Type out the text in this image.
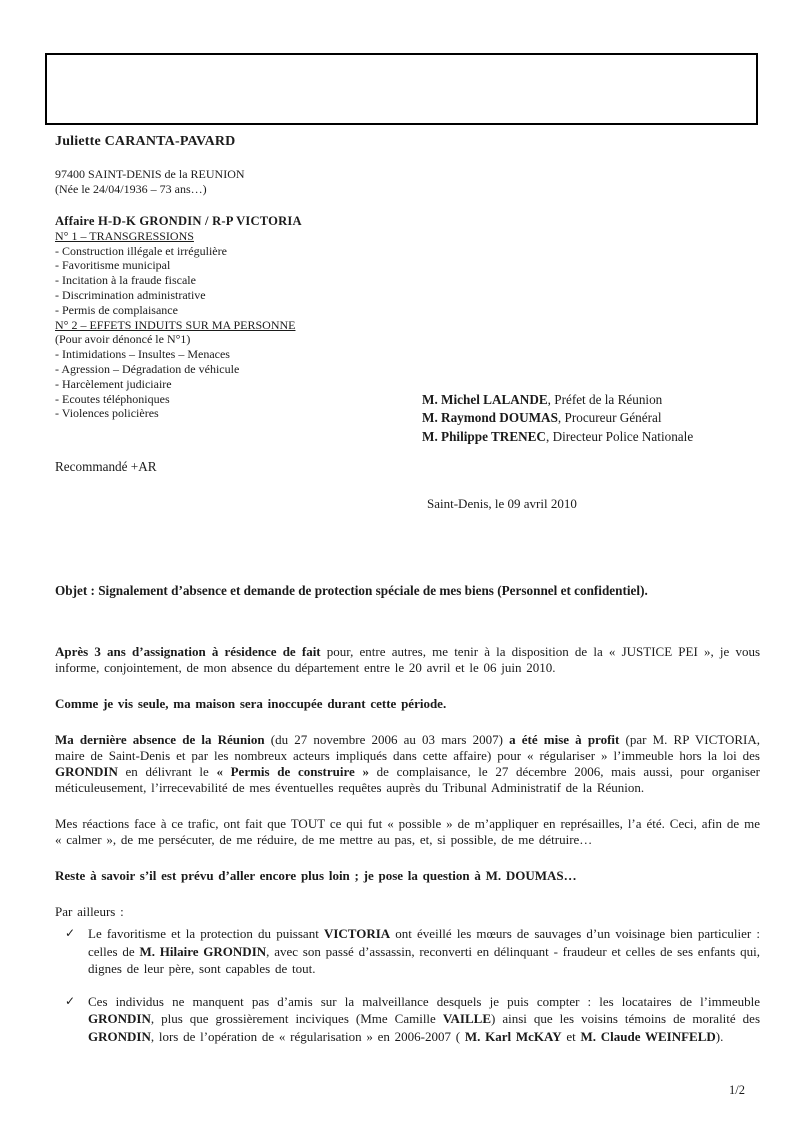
Juliette CARANTA-PAVARD
97400 SAINT-DENIS de la REUNION
(Née le 24/04/1936 – 73 ans…)
Affaire H-D-K GRONDIN / R-P VICTORIA
N° 1 – TRANSGRESSIONS
- Construction illégale et irrégulière
- Favoritisme municipal
- Incitation à la fraude fiscale
- Discrimination administrative
- Permis de complaisance
N° 2 – EFFETS INDUITS SUR MA PERSONNE
(Pour avoir dénoncé le N°1)
- Intimidations – Insultes – Menaces
- Agression – Dégradation de véhicule
- Harcèlement judiciaire
- Ecoutes téléphoniques
- Violences policières
M. Michel LALANDE, Préfet de la Réunion
M. Raymond DOUMAS, Procureur Général
M. Philippe TRENEC, Directeur Police Nationale
Recommandé +AR
Saint-Denis, le 09 avril 2010
Objet : Signalement d’absence et demande de protection spéciale de mes biens (Personnel et confidentiel).

Après 3 ans d’assignation à résidence de fait pour, entre autres, me tenir à la disposition de la « JUSTICE PEI », je vous informe, conjointement, de mon absence du département entre le 20 avril et le 06 juin 2010.

Comme je vis seule, ma maison sera inoccupée durant cette période.

Ma dernière absence de la Réunion (du 27 novembre 2006 au 03 mars 2007) a été mise à profit (par M. RP VICTORIA, maire de Saint-Denis et par les nombreux acteurs impliqués dans cette affaire) pour « régulariser » l’immeuble hors la loi des GRONDIN en délivrant le « Permis de construire » de complaisance, le 27 décembre 2006, mais aussi, pour organiser méticuleusement, l’irrecevabilité de mes éventuelles requêtes auprès du Tribunal Administratif de la Réunion.

Mes réactions face à ce trafic, ont fait que TOUT ce qui fut « possible » de m’appliquer en représailles, l’a été. Ceci, afin de me « calmer », de me persécuter, de me réduire, de me mettre au pas, et, si possible, de me détruire…

Reste à savoir s’il est prévu d’aller encore plus loin ; je pose la question à M. DOUMAS…

Par ailleurs :

✓ Le favoritisme et la protection du puissant VICTORIA ont éveillé les mœurs de sauvages d’un voisinage bien particulier : celles de M. Hilaire GRONDIN, avec son passé d’assassin, reconverti en délinquant - fraudeur et celles de ses enfants qui, dignes de leur père, sont capables de tout.
✓ Ces individus ne manquent pas d’amis sur la malveillance desquels je puis compter : les locataires de l’immeuble GRONDIN, plus que grossièrement inciviques (Mme Camille VAILLE) ainsi que les voisins témoins de moralité des GRONDIN, lors de l’opération de « régularisation » en 2006-2007 ( M. Karl McKAY et M. Claude WEINFELD).
1/2
